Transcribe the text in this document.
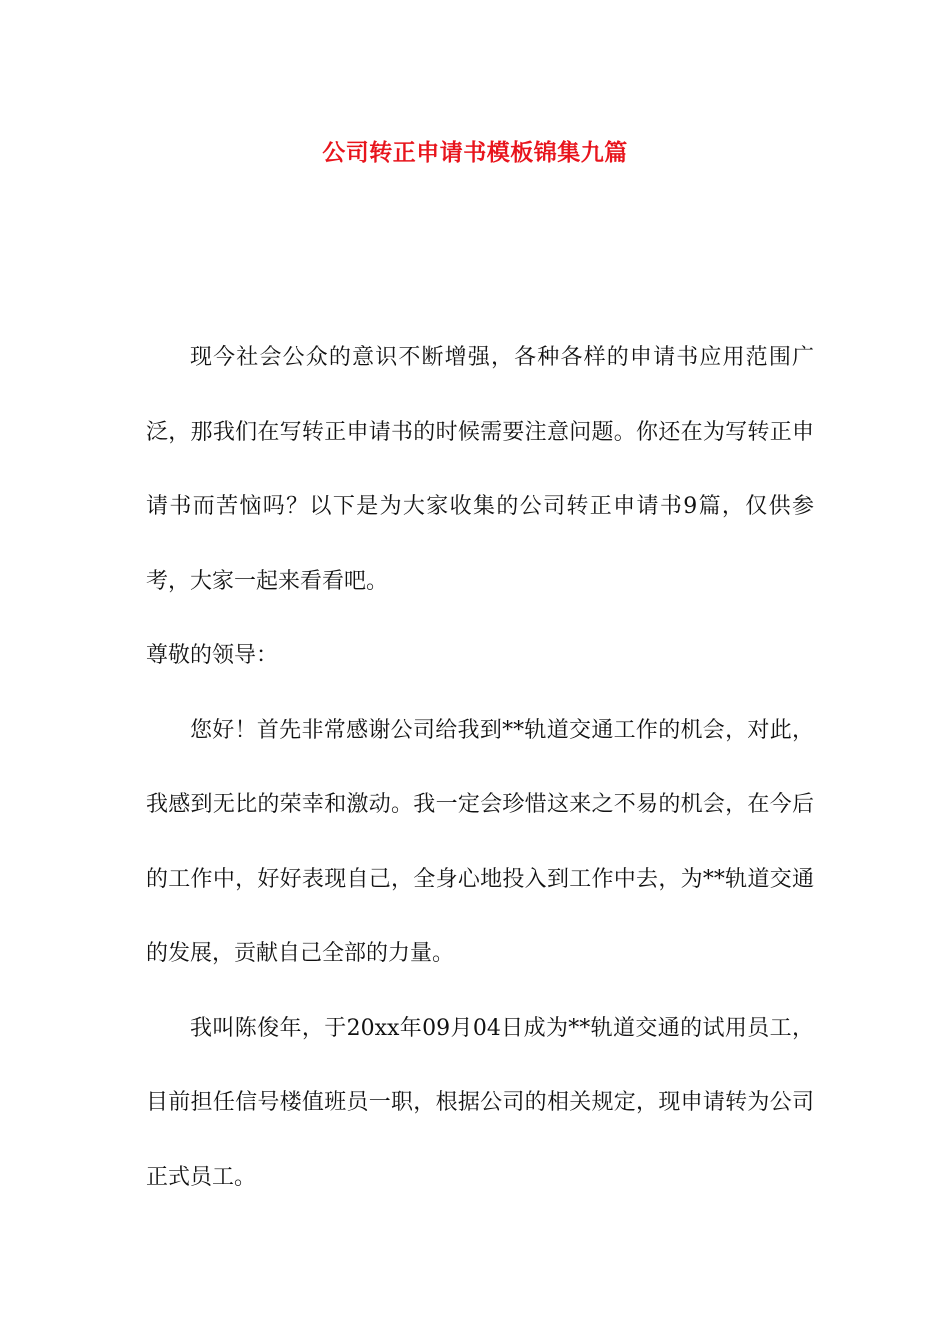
公司转正申请书模板锦集九篇

现今社会公众的意识不断增强，各种各样的申请书应用范围广泛，那我们在写转正申请书的时候需要注意问题。你还在为写转正申请书而苦恼吗？以下是为大家收集的公司转正申请书9篇，仅供参考，大家一起来看看吧。

尊敬的领导：

您好！首先非常感谢公司给我到**轨道交通工作的机会，对此，我感到无比的荣幸和激动。我一定会珍惜这来之不易的机会，在今后的工作中，好好表现自己，全身心地投入到工作中去，为**轨道交通的发展，贡献自己全部的力量。

我叫陈俊年，于20xx年09月04日成为**轨道交通的试用员工，目前担任信号楼值班员一职，根据公司的相关规定，现申请转为公司正式员工。
